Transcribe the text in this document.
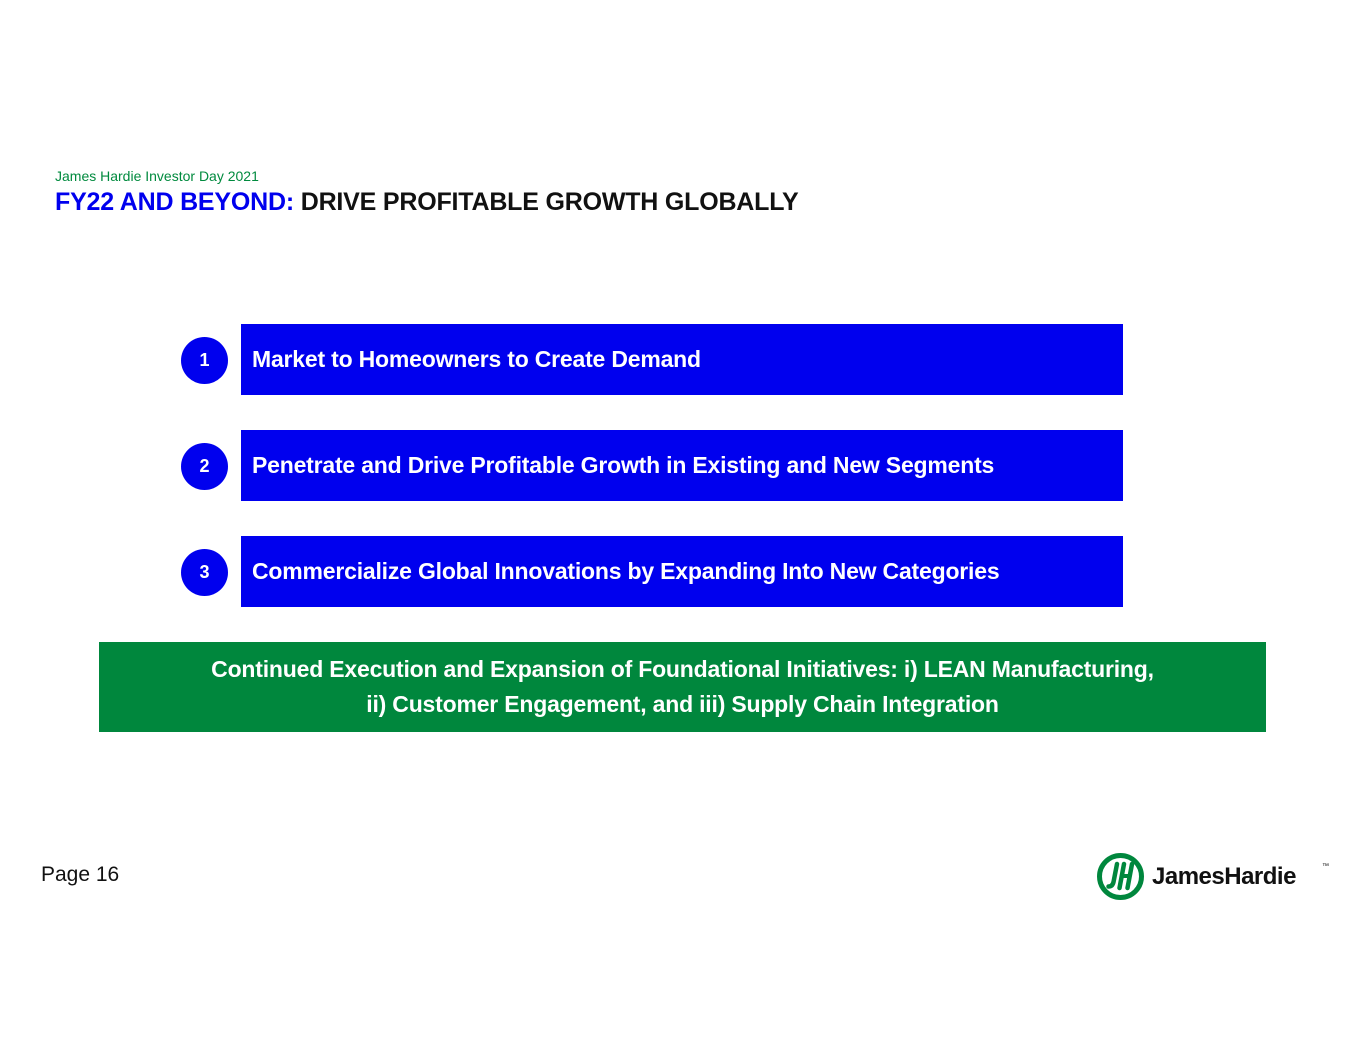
James Hardie Investor Day 2021
FY22 AND BEYOND: DRIVE PROFITABLE GROWTH GLOBALLY
1	Market to Homeowners to Create Demand
2	Penetrate and Drive Profitable Growth in Existing and New Segments
3	Commercialize Global Innovations by Expanding Into New Categories
Continued Execution and Expansion of Foundational Initiatives: i) LEAN Manufacturing,
ii) Customer Engagement, and iii) Supply Chain Integration
Page 16	JamesHardie	™
